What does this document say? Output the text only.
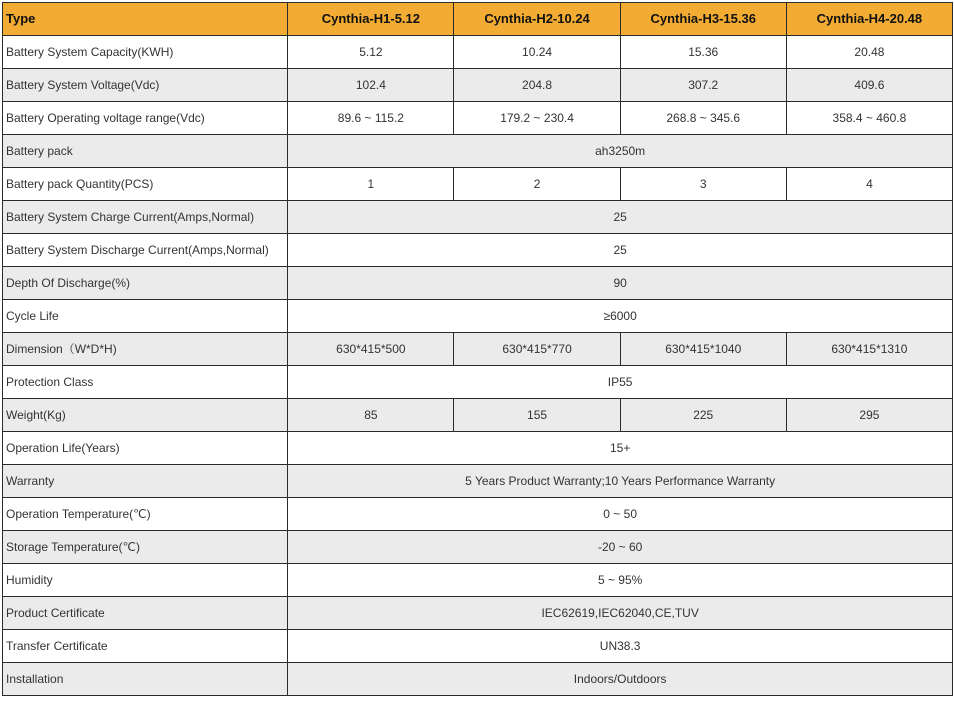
Type	Cynthia-H1-5.12	Cynthia-H2-10.24	Cynthia-H3-15.36	Cynthia-H4-20.48
Battery System Capacity(KWH)	5.12	10.24	15.36	20.48
Battery System Voltage(Vdc)	102.4	204.8	307.2	409.6
Battery Operating voltage range(Vdc)	89.6 ~ 115.2	179.2 ~ 230.4	268.8 ~ 345.6	358.4 ~ 460.8
Battery pack	ah3250m			
Battery pack Quantity(PCS)	1	2	3	4
Battery System Charge Current(Amps,Normal)	25			
Battery System Discharge Current(Amps,Normal)	25			
Depth Of Discharge(%)	90			
Cycle Life	≥6000			
Dimension（W*D*H)	630*415*500	630*415*770	630*415*1040	630*415*1310
Protection Class	IP55			
Weight(Kg)	85	155	225	295
Operation Life(Years)	15+			
Warranty	5 Years Product Warranty;10 Years Performance Warranty			
Operation Temperature(℃)	0 ~ 50			
Storage Temperature(℃)	-20 ~ 60			
Humidity	5 ~ 95%			
Product Certificate	IEC62619,IEC62040,CE,TUV			
Transfer Certificate	UN38.3			
Installation	Indoors/Outdoors			
